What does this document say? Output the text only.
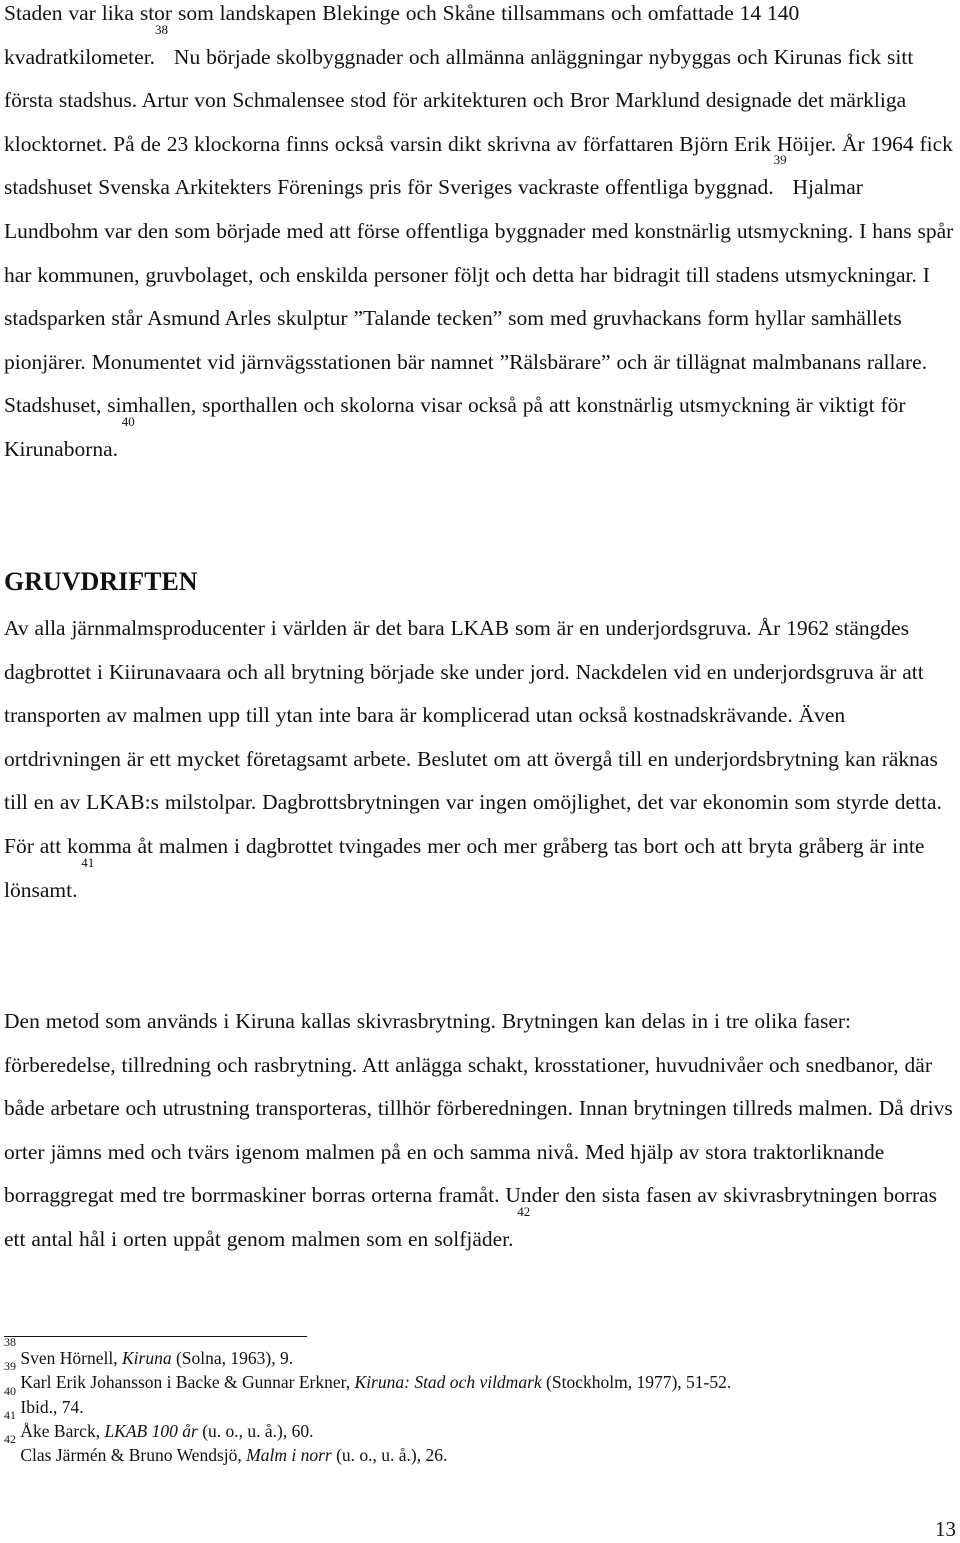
Staden var lika stor som landskapen Blekinge och Skåne tillsammans och omfattade 14 140 kvadratkilometer.$^{38}$ Nu började skolbyggnader och allmänna anläggningar nybyggas och Kirunas fick sitt första stadshus. Artur von Schmalensee stod för arkitekturen och Bror Marklund designade det märkliga klocktornet. På de 23 klockorna finns också varsin dikt skrivna av författaren Björn Erik Höijer. År 1964 fick stadshuset Svenska Arkitekters Förenings pris för Sveriges vackraste offentliga byggnad.$^{39}$ Hjalmar Lundbohm var den som började med att förse offentliga byggnader med konstnärlig utsmyckning. I hans spår har kommunen, gruvbolaget, och enskilda personer följt och detta har bidragit till stadens utsmyckningar. I stadsparken står Asmund Arles skulptur ”Talande tecken” som med gruvhackans form hyllar samhällets pionjärer. Monumentet vid järnvägsstationen bär namnet ”Rälsbärare” och är tillägnat malmbanans rallare. Stadshuset, simhallen, sporthallen och skolorna visar också på att konstnärlig utsmyckning är viktigt för Kirunaborna. $^{40}$

GRUVDRIFTEN

Av alla järnmalmsproducenter i världen är det bara LKAB som är en underjordsgruva. År 1962 stängdes dagbrottet i Kiirunavaara och all brytning började ske under jord. Nackdelen vid en underjordsgruva är att transporten av malmen upp till ytan inte bara är komplicerad utan också kostnadskrävande. Även ortdrivningen är ett mycket företagsamt arbete. Beslutet om att övergå till en underjordsbrytning kan räknas till en av LKAB:s milstolpar. Dagbrottsbrytningen var ingen omöjlighet, det var ekonomin som styrde detta. För att komma åt malmen i dagbrottet tvingades mer och mer gråberg tas bort och att bryta gråberg är inte lönsamt. $^{41}$

Den metod som används i Kiruna kallas skivrasbrytning. Brytningen kan delas in i tre olika faser: förberedelse, tillredning och rasbrytning. Att anlägga schakt, krosstationer, huvudnivåer och snedbanor, där både arbetare och utrustning transporteras, tillhör förberedningen. Innan brytningen tillreds malmen. Då drivs orter jämns med och tvärs igenom malmen på en och samma nivå. Med hjälp av stora traktorliknande borraggregat med tre borrmaskiner borras orterna framåt. Under den sista fasen av skivrasbrytningen borras ett antal hål i orten uppåt genom malmen som en solfjäder. $^{42}$

$^{38}$ Sven Hörnell, Kiruna (Solna, 1963), 9.

$^{39}$ Karl Erik Johansson i Backe & Gunnar Erkner, Kiruna: Stad och vildmark (Stockholm, 1977), 51-52.

$^{40}$ Ibid., 74.

$^{41}$ Åke Barck, LKAB 100 år (u. o., u. å.), 60.

$^{42}$ Clas Järmén & Bruno Wendsjö, Malm i norr (u. o., u. å.), 26.

13
